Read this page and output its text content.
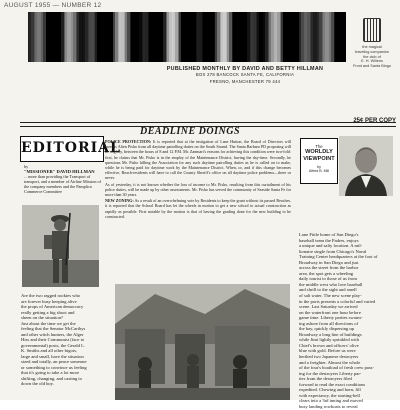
AUGUST 1955 — NUMBER 12
PUBLISHED MONTHLY BY DAVID AND BETTY HILLMAN
BOX 278 BANCOCK SANTA FE, CALIFORNIA
FRESNO, MANCHESTER 79 444
the magical
traveling companion
the club of
E. H. Willens
Front and Santa Bingo
25¢ PER COPY
EDITORIAL
by
"MISSIONER" DAVID HILLMAN
... more than providing the Transport of transport, and a member of Airline Mission of the company members and the Pamplico Commerce Committee
Are the two ragged rookies who
are forever busy keeping alive
the props of American democracy
really getting a big shoot and
sheen on the situation?
Just about the time we get the
feeling that the Senator McCarthys
and other witch hunters, the Alger
Hiss and their Communist (face to
governmental) posts, the Gerald L.
K. Smiths and all other bigots,
large and small, have the situation
sized and totally, an peace someone
or something to convince us feeling
that it's going to take a lot more
shifting, changing, and casting to
down the old boy.
DEADLINE DOINGS

POLICE PROTECTION: It is reported that at the instigation of Lane Hutton, the Board of Directors will sweeps Alien Pisho from all daytime patrolling duties on the South Strand. The Santa Barbara PD proposing will be slightly, between the hours of 8 and 12 P.M. Mr. Zanmart's reasons for achieving this condition were two-fold: first, he claims that Mr. Pisho is in the employ of the Maintenance District, having the day-time. Secondly, he questions Mr. Pisho hilling the Association for any such daytime patrolling duties as he is called on to make, while he is being paid for daytime work by the Maintenance District. When, or, and if this change becomes effective, Beach-residents will have to call the County Sheriff's office on all daytime police problems—there or never.

As of yesterday, it is not known whether the loss of income to Mr. Pisho, resulting from this curtailment of his police duties, will be made up by other assessments. Mr. Pisho has served the community of Seaside Santa Fe for more than 30 years.

NEW ZONING: As a result of an overwhelming vote by Residents to keep the grant without its passed Beaches, it is reported that the School Board has let the wheels in motion to get a new school to actual construction as rapidly as possible. First notable by the motion is that of having the grading done for the new building to be constructed.

The
WORLDLY VIEWPOINT
by
Alfred B. Mill
Lane Fittle home of San Diego's
baseball team the Padres, enjoys
a unique and salty location. A mil-
lionaire single from Chicago's Naval
Training Center headquarters at the foot of
Broadway in San Diego and just
across the street from the harbor
area, the spot gets a wheeling
daily tourist to those of us from
the middle west who love baseball
and shrill to the sight and smell
of salt water. The new scene play-
in the ports presents a colorful and varied
scene. Last Saturday we arrived
on the waterfront one hour before
game time. Liberty parties swarm-
ing ashore from all directions of
the bay, quickly dispersing up
Broadway a long line of buildings
while Jimi lightly sprinkled with
Chief's brown and officers' olive
blue with gold. Before us were
berthed two Japanese destroyers
and a freighter. Almost the whole
of the four's boatload of fresh crew pass-
ing for the destroyers Liberty par-
ties from the destroyers filed
forward to read the exact conditions
expedited. Chewing and horn, fill
with expectancy, the starting-bell
clears into a 3rd inning and moved
busy landing rowboats to reveal
